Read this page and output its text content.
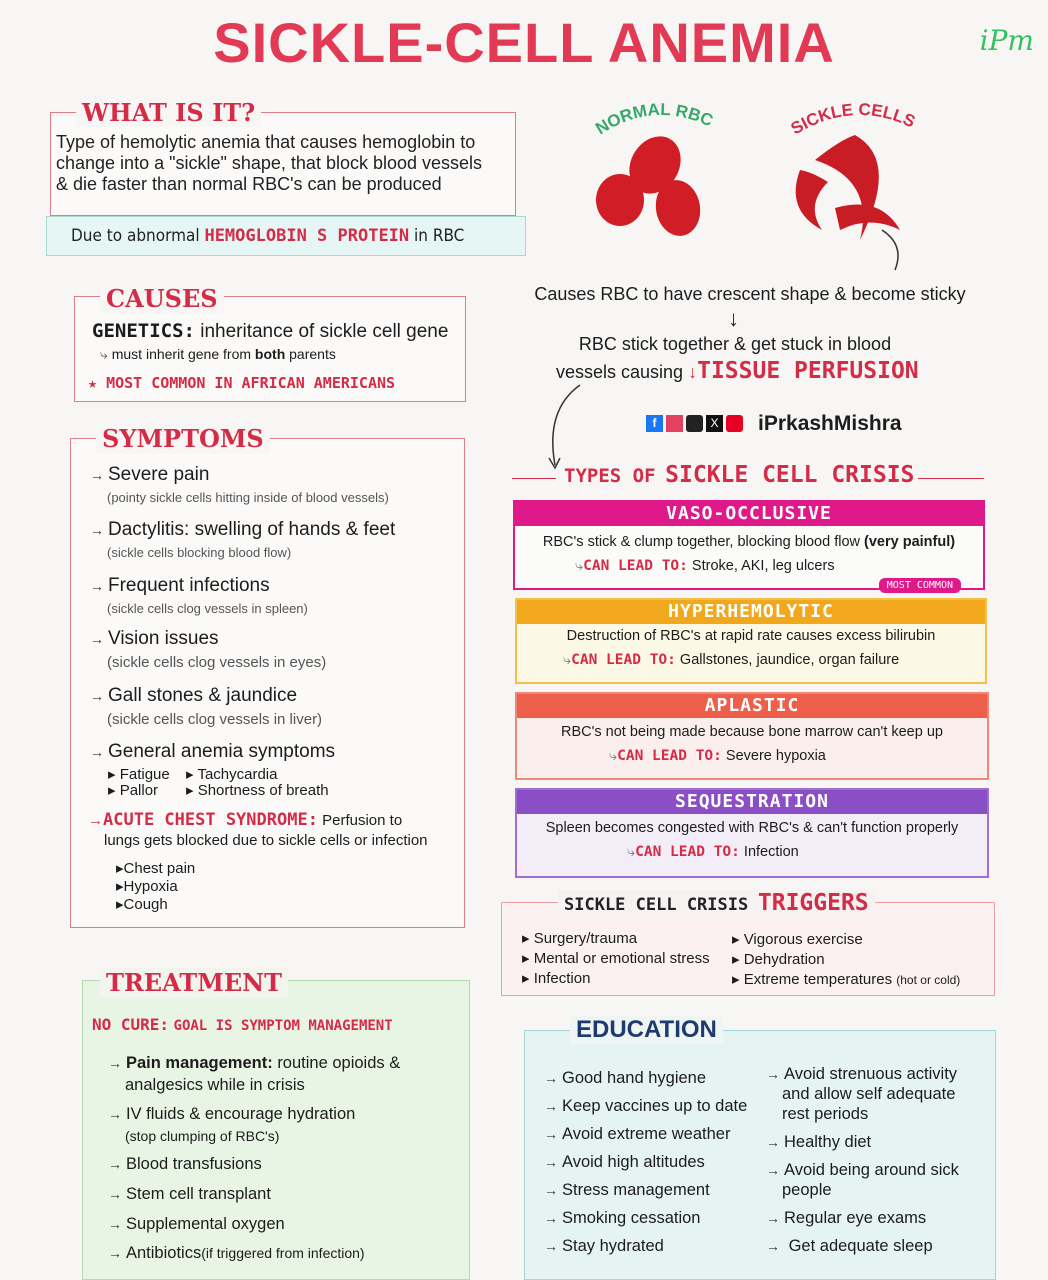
SICKLE-CELL ANEMIA	iPm
WHAT IS IT?
Type of hemolytic anemia that causes hemoglobin to
change into a "sickle" shape, that block blood vessels
& die faster than normal RBC's can be produced
Due to abnormal
HEMOGLOBIN S PROTEIN
in RBC
NORMAL RBC	SICKLE CELLS
Causes RBC to have crescent shape & become sticky
↓
RBC stick together & get stuck in blood
vessels causing ↓TISSUE PERFUSION
f	X iPrkashMishra
CAUSES
GENETICS: inheritance of sickle cell gene
⤷ must inherit gene from both parents
★ MOST COMMON IN AFRICAN AMERICANS
SYMPTOMS
→ Severe pain
(pointy sickle cells hitting inside of blood vessels)
→ Dactylitis: swelling of hands & feet
(sickle cells blocking blood flow)
→ Frequent infections
(sickle cells clog vessels in spleen)
→ Vision issues
(sickle cells clog vessels in eyes)
→ Gall stones & jaundice
(sickle cells clog vessels in liver)
→ General anemia symptoms
▸ Fatigue ▸ Tachycardia
▸ Pallor ▸ Shortness of breath
→ACUTE CHEST SYNDROME: Perfusion to
lungs gets blocked due to sickle cells or infection
▸Chest pain
▸Hypoxia
▸Cough
TYPES OF SICKLE CELL CRISIS
VASO-OCCLUSIVE
RBC's stick & clump together, blocking blood flow (very painful)
⤷CAN LEAD TO: Stroke, AKI, leg ulcers
MOST COMMON
HYPERHEMOLYTIC
Destruction of RBC's at rapid rate causes excess bilirubin
⤷CAN LEAD TO: Gallstones, jaundice, organ failure
APLASTIC
RBC's not being made because bone marrow can't keep up
⤷CAN LEAD TO: Severe hypoxia
SEQUESTRATION
Spleen becomes congested with RBC's & can't function properly
⤷CAN LEAD TO: Infection
SICKLE CELL CRISIS TRIGGERS
▸ Surgery/trauma
▸ Mental or emotional stress
▸ Infection
▸ Vigorous exercise
▸ Dehydration
▸ Extreme temperatures (hot or cold)
TREATMENT
NO CURE: GOAL IS SYMPTOM MANAGEMENT
→ Pain management: routine opioids &
analgesics while in crisis
→ IV fluids & encourage hydration
(stop clumping of RBC's)
→ Blood transfusions
→ Stem cell transplant
→ Supplemental oxygen
→ Antibiotics(if triggered from infection)
EDUCATION
→ Good hand hygiene
→ Keep vaccines up to date
→ Avoid extreme weather
→ Avoid high altitudes
→ Stress management
→ Smoking cessation
→ Stay hydrated
→ Avoid strenuous activity
and allow self adequate
rest periods
→ Healthy diet
→ Avoid being around sick
people
→ Regular eye exams
→ Get adequate sleep
